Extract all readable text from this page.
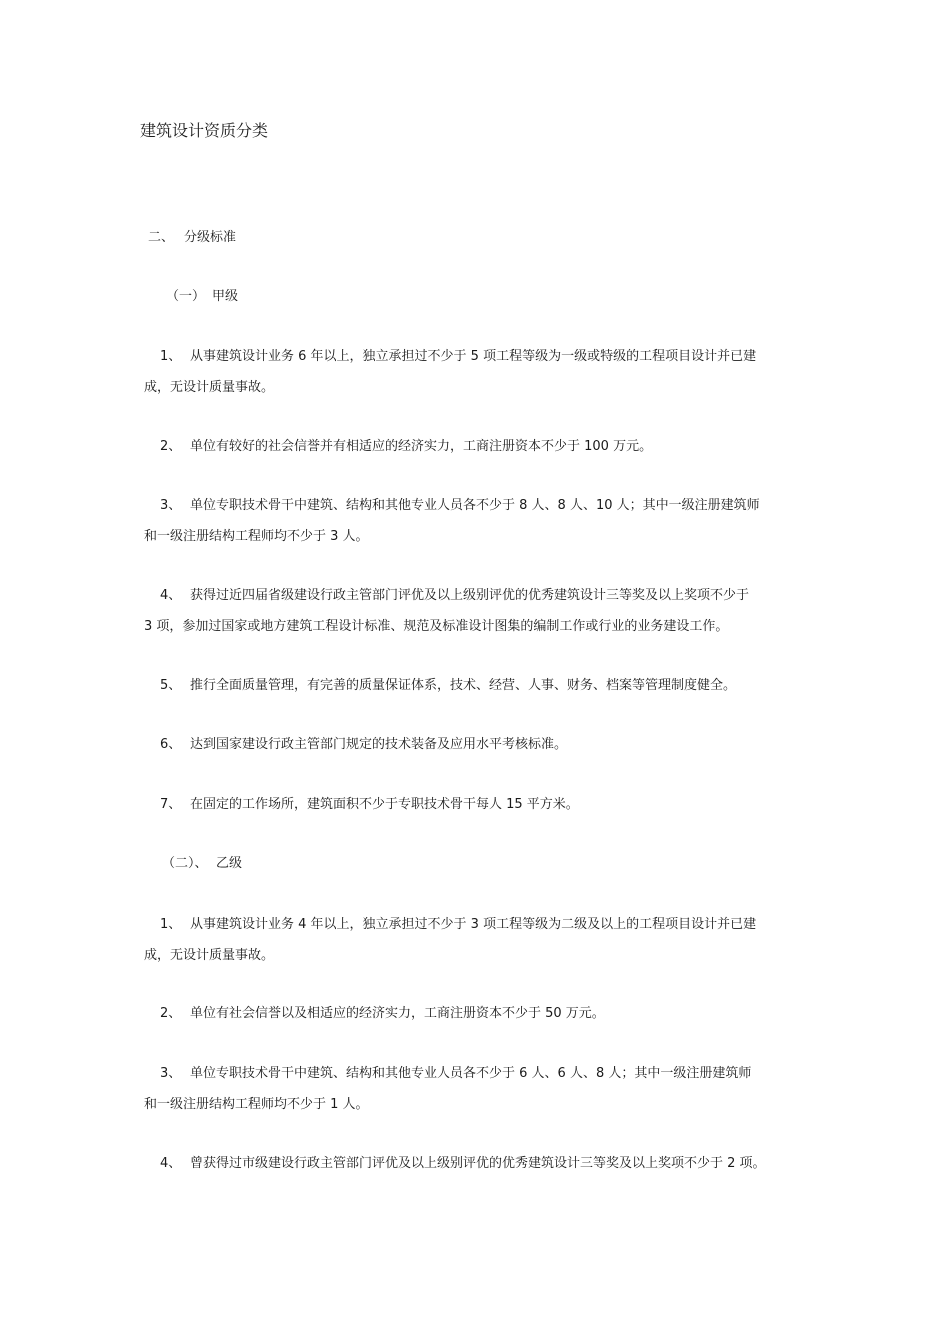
建筑设计资质分类
二、 分级标准
（一） 甲级
1、 从事建筑设计业务 6 年以上，独立承担过不少于 5 项工程等级为一级或特级的工程项目设计并已建
成，无设计质量事故。
2、 单位有较好的社会信誉并有相适应的经济实力，工商注册资本不少于 100 万元。
3、 单位专职技术骨干中建筑、结构和其他专业人员各不少于 8 人、8 人、10 人；其中一级注册建筑师
和一级注册结构工程师均不少于 3 人。
4、 获得过近四届省级建设行政主管部门评优及以上级别评优的优秀建筑设计三等奖及以上奖项不少于
3 项，参加过国家或地方建筑工程设计标准、规范及标准设计图集的编制工作或行业的业务建设工作。
5、 推行全面质量管理，有完善的质量保证体系，技术、经营、人事、财务、档案等管理制度健全。
6、 达到国家建设行政主管部门规定的技术装备及应用水平考核标准。
7、 在固定的工作场所，建筑面积不少于专职技术骨干每人 15 平方米。
（二）、 乙级
1、 从事建筑设计业务 4 年以上，独立承担过不少于 3 项工程等级为二级及以上的工程项目设计并已建
成，无设计质量事故。
2、 单位有社会信誉以及相适应的经济实力，工商注册资本不少于 50 万元。
3、 单位专职技术骨干中建筑、结构和其他专业人员各不少于 6 人、6 人、8 人；其中一级注册建筑师
和一级注册结构工程师均不少于 1 人。
4、 曾获得过市级建设行政主管部门评优及以上级别评优的优秀建筑设计三等奖及以上奖项不少于 2 项。
